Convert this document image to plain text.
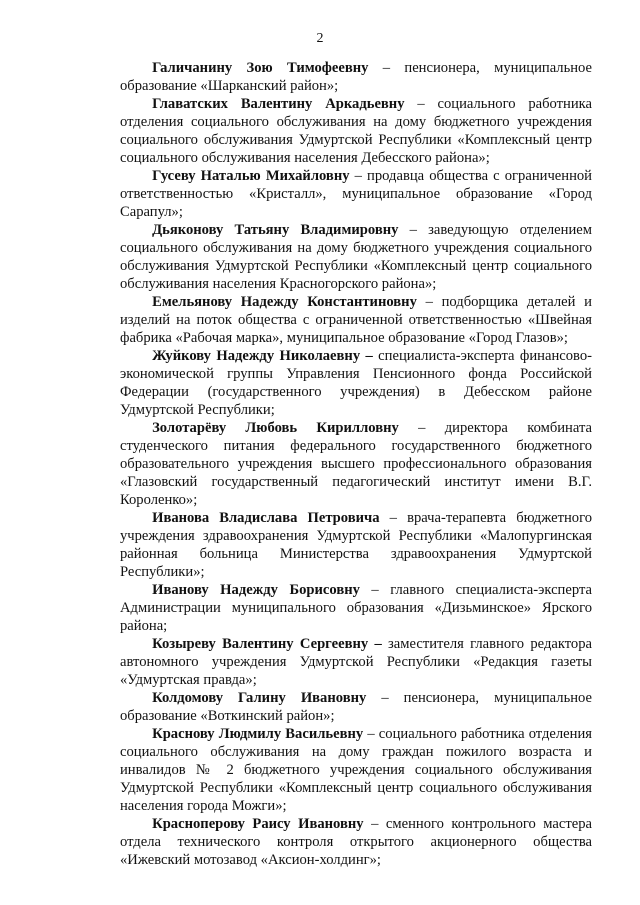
2

Галичанину Зою Тимофеевну – пенсионера, муниципальное образование «Шарканский район»;

Главатских Валентину Аркадьевну – социального работника отделения социального обслуживания на дому бюджетного учреждения социального обслуживания Удмуртской Республики «Комплексный центр социального обслуживания населения Дебесского района»;

Гусеву Наталью Михайловну – продавца общества с ограниченной ответственностью «Кристалл», муниципальное образование «Город Сарапул»;

Дьяконову Татьяну Владимировну – заведующую отделением социального обслуживания на дому бюджетного учреждения социального обслуживания Удмуртской Республики «Комплексный центр социального обслуживания населения Красногорского района»;

Емельянову Надежду Константиновну – подборщика деталей и изделий на поток общества с ограниченной ответственностью «Швейная фабрика «Рабочая марка», муниципальное образование «Город Глазов»;

Жуйкову Надежду Николаевну – специалиста-эксперта финансово-экономической группы Управления Пенсионного фонда Российской Федерации (государственного учреждения) в Дебесском районе Удмуртской Республики;

Золотарёву Любовь Кирилловну – директора комбината студенческого питания федерального государственного бюджетного образовательного учреждения высшего профессионального образования «Глазовский государственный педагогический институт имени В.Г. Короленко»;

Иванова Владислава Петровича – врача-терапевта бюджетного учреждения здравоохранения Удмуртской Республики «Малопургинская районная больница Министерства здравоохранения Удмуртской Республики»;

Иванову Надежду Борисовну – главного специалиста-эксперта Администрации муниципального образования «Дизьминское» Ярского района;

Козыреву Валентину Сергеевну – заместителя главного редактора автономного учреждения Удмуртской Республики «Редакция газеты «Удмуртская правда»;

Колдомову Галину Ивановну – пенсионера, муниципальное образование «Воткинский район»;

Краснову Людмилу Васильевну – социального работника отделения социального обслуживания на дому граждан пожилого возраста и инвалидов № 2 бюджетного учреждения социального обслуживания Удмуртской Республики «Комплексный центр социального обслуживания населения города Можги»;

Красноперову Раису Ивановну – сменного контрольного мастера отдела технического контроля открытого акционерного общества «Ижевский мотозавод «Аксион-холдинг»;
